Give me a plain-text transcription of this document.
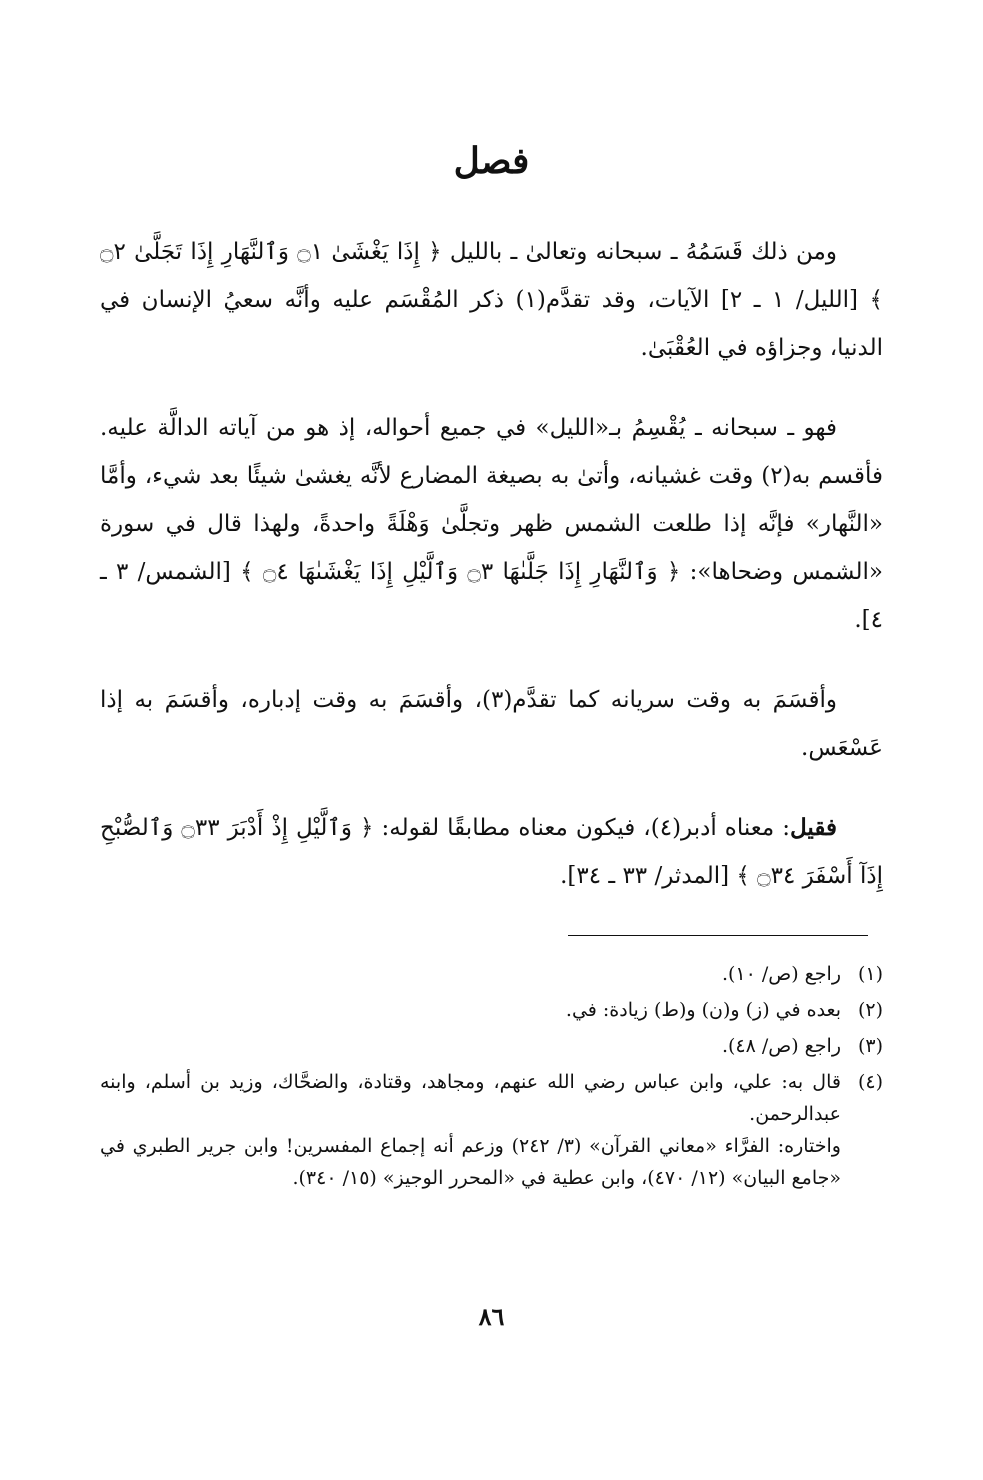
فصل

ومن ذلك قَسَمُهُ ـ سبحانه وتعالىٰ ـ بالليل ﴿ إِذَا يَغْشَىٰ ۝١ وَٱلنَّهَارِ إِذَا تَجَلَّىٰ ۝٢ ﴾ [الليل/ ١ ـ ٢] الآيات، وقد تقدَّم(١) ذكر المُقْسَم عليه وأنَّه سعيُ الإنسان في الدنيا، وجزاؤه في العُقْبَىٰ.

فهو ـ سبحانه ـ يُقْسِمُ بـ«الليل» في جميع أحواله، إذ هو من آياته الدالَّة عليه. فأقسم به(٢) وقت غشيانه، وأتىٰ به بصيغة المضارع لأنَّه يغشىٰ شيئًا بعد شيء، وأمَّا «النَّهار» فإنَّه إذا طلعت الشمس ظهر وتجلَّىٰ وَهْلَةً واحدةً، ولهذا قال في سورة «الشمس وضحاها»: ﴿ وَٱلنَّهَارِ إِذَا جَلَّىٰهَا ۝٣ وَٱلَّيْلِ إِذَا يَغْشَىٰهَا ۝٤ ﴾ [الشمس/ ٣ ـ ٤].

وأقسَمَ به وقت سريانه كما تقدَّم(٣)، وأقسَمَ به وقت إدباره، وأقسَمَ به إذا عَسْعَس.

فقيل: معناه أدبر(٤)، فيكون معناه مطابقًا لقوله: ﴿ وَٱلَّيْلِ إِذْ أَدْبَرَ ۝٣٣ وَٱلصُّبْحِ إِذَآ أَسْفَرَ ۝٣٤ ﴾ [المدثر/ ٣٣ ـ ٣٤].

(١)
راجع (ص/ ١٠).
(٢)
بعده في (ز) و(ن) و(ط) زيادة: في.
(٣)
راجع (ص/ ٤٨).
(٤)
قال به: علي، وابن عباس رضي الله عنهم، ومجاهد، وقتادة، والضحَّاك، وزيد بن أسلم، وابنه عبدالرحمن.
واختاره: الفرَّاء «معاني القرآن» (٣/ ٢٤٢) وزعم أنه إجماع المفسرين! وابن جرير الطبري في «جامع البيان» (١٢/ ٤٧٠)، وابن عطية في «المحرر الوجيز» (١٥/ ٣٤٠).
٨٦
